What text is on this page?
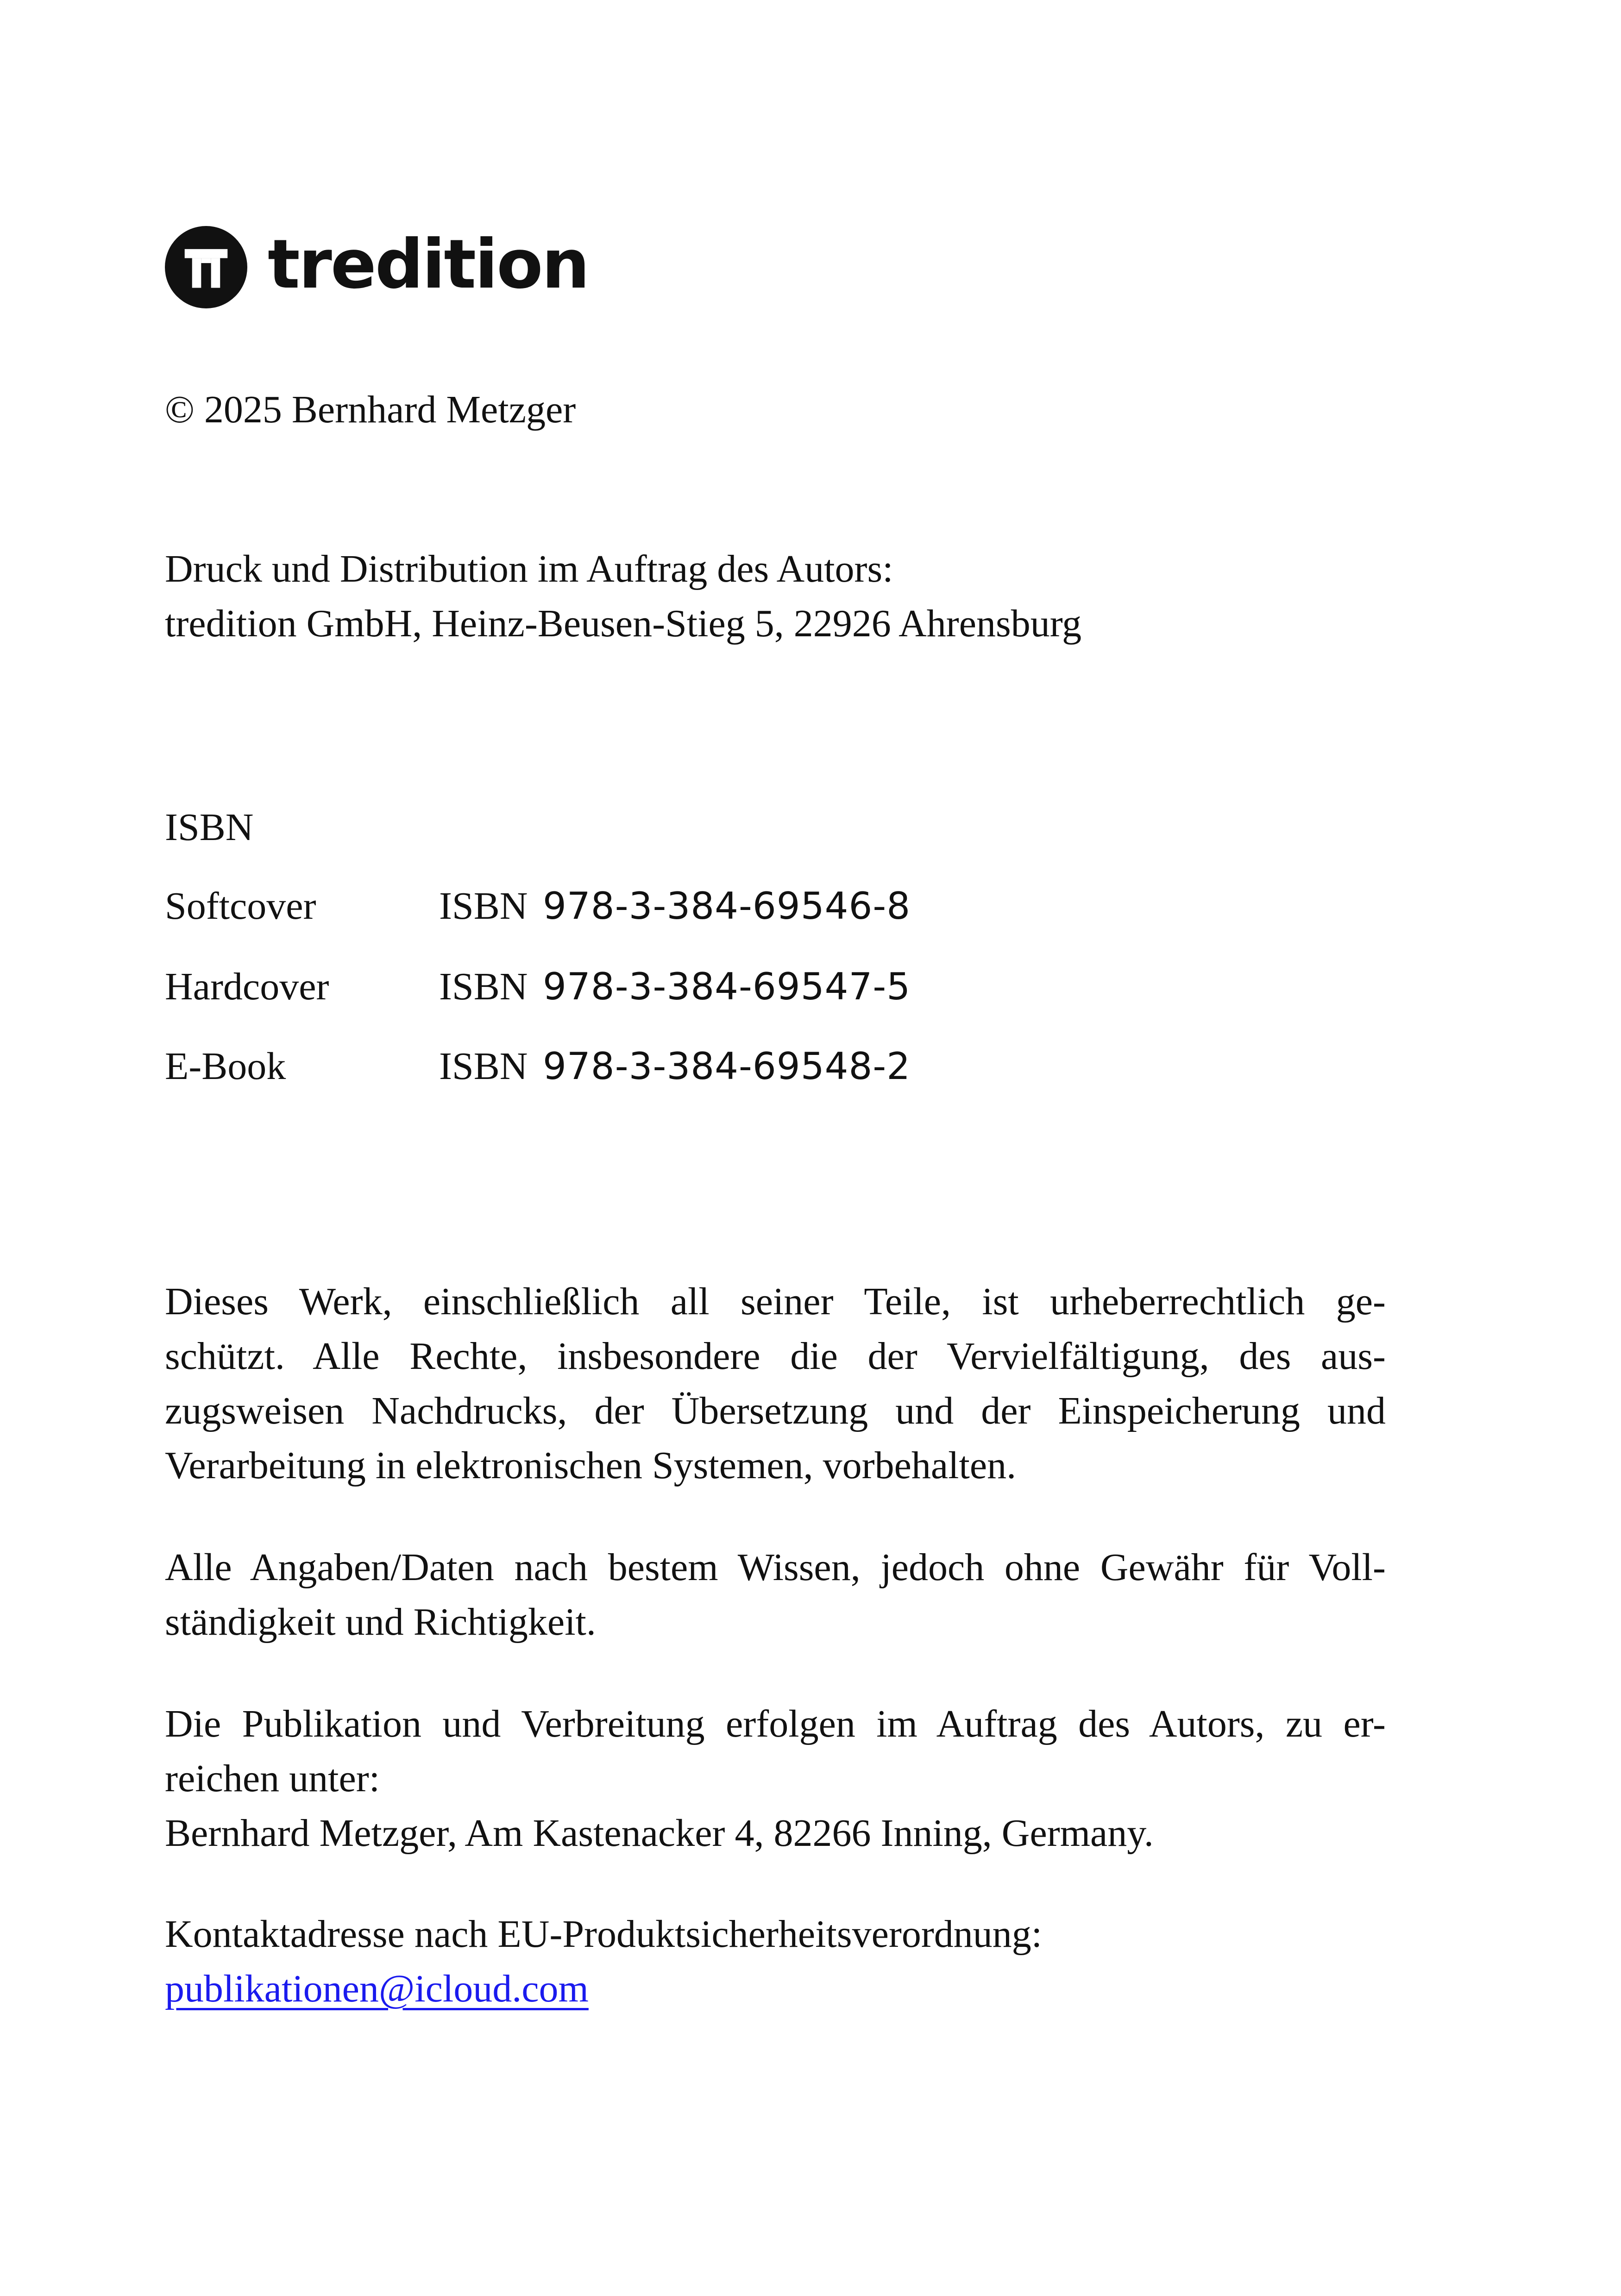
tredition
© 2025 Bernhard Metzger
Druck und Distribution im Auftrag des Autors:
tredition GmbH, Heinz-Beusen-Stieg 5, 22926 Ahrensburg
ISBN
Softcover	ISBN 978-3-384-69546-8
Hardcover	ISBN 978-3-384-69547-5
E-Book	ISBN 978-3-384-69548-2
Dieses Werk, einschließlich all seiner Teile, ist urheberrechtlich ge-
schützt. Alle Rechte, insbesondere die der Vervielfältigung, des aus-
zugsweisen Nachdrucks, der Übersetzung und der Einspeicherung und
Verarbeitung in elektronischen Systemen, vorbehalten.
Alle Angaben/Daten nach bestem Wissen, jedoch ohne Gewähr für Voll-
ständigkeit und Richtigkeit.
Die Publikation und Verbreitung erfolgen im Auftrag des Autors, zu er-
reichen unter:
Bernhard Metzger, Am Kastenacker 4, 82266 Inning, Germany.
Kontaktadresse nach EU-Produktsicherheitsverordnung:
publikationen@icloud.com
